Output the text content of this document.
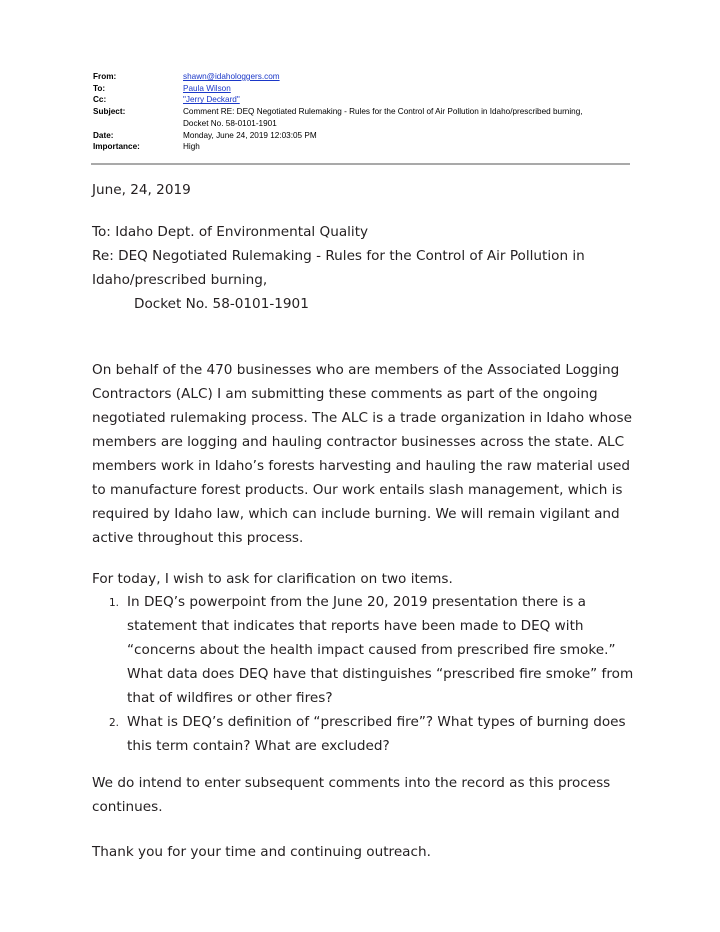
From:	shawn@idahologgers.com
To:	Paula Wilson
Cc:	"Jerry Deckard"
Subject:	Comment RE: DEQ Negotiated Rulemaking - Rules for the Control of Air Pollution in Idaho/prescribed burning,
Docket No. 58-0101-1901
Date:	Monday, June 24, 2019 12:03:05 PM
Importance:	High

June, 24, 2019

To: Idaho Dept. of Environmental Quality

Re: DEQ Negotiated Rulemaking - Rules for the Control of Air Pollution in

Idaho/prescribed burning,

Docket No. 58-0101-1901

On behalf of the 470 businesses who are members of the Associated Logging

Contractors (ALC) I am submitting these comments as part of the ongoing

negotiated rulemaking process. The ALC is a trade organization in Idaho whose

members are logging and hauling contractor businesses across the state. ALC

members work in Idaho’s forests harvesting and hauling the raw material used

to manufacture forest products. Our work entails slash management, which is

required by Idaho law, which can include burning. We will remain vigilant and

active throughout this process.

For today, I wish to ask for clarification on two items.

1. In DEQ’s powerpoint from the June 20, 2019 presentation there is a

statement that indicates that reports have been made to DEQ with

“concerns about the health impact caused from prescribed fire smoke.”

What data does DEQ have that distinguishes “prescribed fire smoke” from

that of wildfires or other fires?

2. What is DEQ’s definition of “prescribed fire”? What types of burning does

this term contain? What are excluded?

We do intend to enter subsequent comments into the record as this process

continues.

Thank you for your time and continuing outreach.
